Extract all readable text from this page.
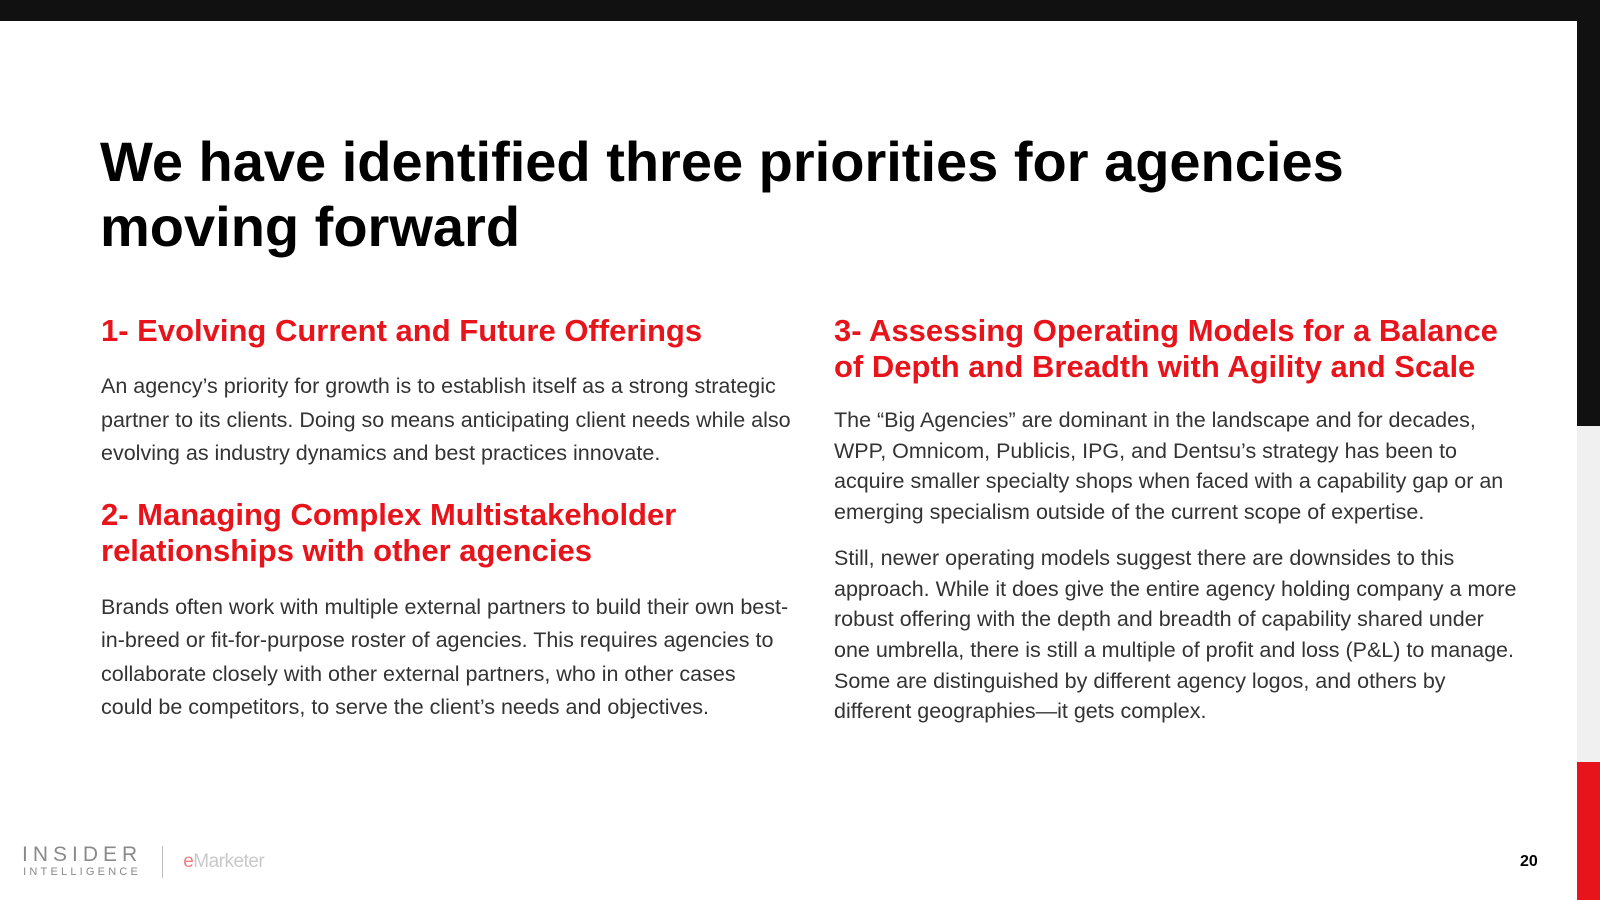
We have identified three priorities for agencies moving forward
1- Evolving Current and Future Offerings

An agency’s priority for growth is to establish itself as a strong strategic partner to its clients. Doing so means anticipating client needs while also evolving as industry dynamics and best practices innovate.

2- Managing Complex Multistakeholder relationships with other agencies

Brands often work with multiple external partners to build their own best-in-breed or fit-for-purpose roster of agencies. This requires agencies to collaborate closely with other external partners, who in other cases could be competitors, to serve the client’s needs and objectives.

3- Assessing Operating Models for a Balance of Depth and Breadth with Agility and Scale

The “Big Agencies” are dominant in the landscape and for decades, WPP, Omnicom, Publicis, IPG, and Dentsu’s strategy has been to acquire smaller specialty shops when faced with a capability gap or an emerging specialism outside of the current scope of expertise.

Still, newer operating models suggest there are downsides to this approach. While it does give the entire agency holding company a more robust offering with the depth and breadth of capability shared under one umbrella, there is still a multiple of profit and loss (P&L) to manage. Some are distinguished by different agency logos, and others by different geographies—it gets complex.

INSIDER
INTELLIGENCE eMarketer	20
